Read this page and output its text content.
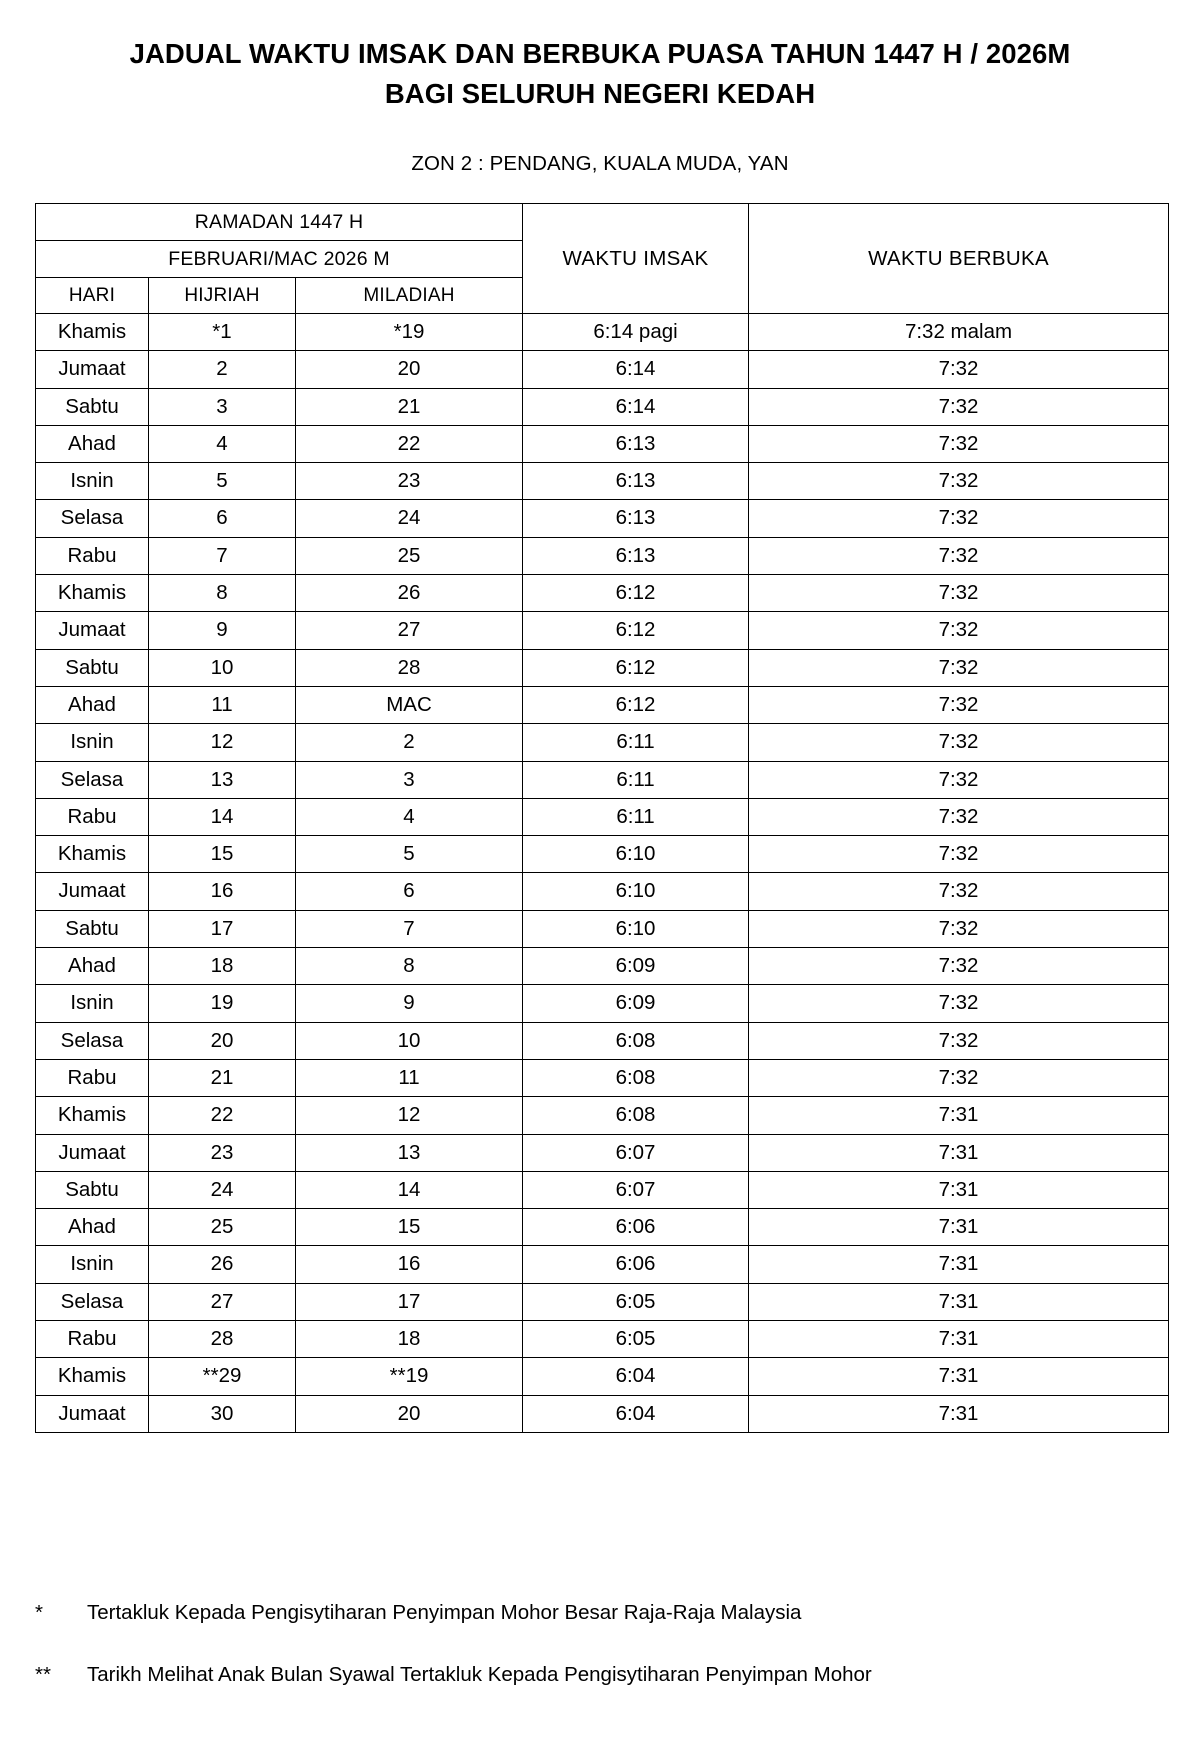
JADUAL WAKTU IMSAK DAN BERBUKA PUASA TAHUN 1447 H / 2026M
BAGI SELURUH NEGERI KEDAH
ZON 2 : PENDANG, KUALA MUDA, YAN
RAMADAN 1447 H			WAKTU IMSAK	WAKTU BERBUKA
FEBRUARI/MAC 2026 M				
HARI	HIJRIAH	MILADIAH		
Khamis	*1	*19	6:14 pagi	7:32 malam
Jumaat	2	20	6:14	7:32
Sabtu	3	21	6:14	7:32
Ahad	4	22	6:13	7:32
Isnin	5	23	6:13	7:32
Selasa	6	24	6:13	7:32
Rabu	7	25	6:13	7:32
Khamis	8	26	6:12	7:32
Jumaat	9	27	6:12	7:32
Sabtu	10	28	6:12	7:32
Ahad	11	MAC	6:12	7:32
Isnin	12	2	6:11	7:32
Selasa	13	3	6:11	7:32
Rabu	14	4	6:11	7:32
Khamis	15	5	6:10	7:32
Jumaat	16	6	6:10	7:32
Sabtu	17	7	6:10	7:32
Ahad	18	8	6:09	7:32
Isnin	19	9	6:09	7:32
Selasa	20	10	6:08	7:32
Rabu	21	11	6:08	7:32
Khamis	22	12	6:08	7:31
Jumaat	23	13	6:07	7:31
Sabtu	24	14	6:07	7:31
Ahad	25	15	6:06	7:31
Isnin	26	16	6:06	7:31
Selasa	27	17	6:05	7:31
Rabu	28	18	6:05	7:31
Khamis	**29	**19	6:04	7:31
Jumaat	30	20	6:04	7:31
*	Tertakluk Kepada Pengisytiharan Penyimpan Mohor Besar Raja-Raja Malaysia
**	Tarikh Melihat Anak Bulan Syawal Tertakluk Kepada Pengisytiharan Penyimpan Mohor
